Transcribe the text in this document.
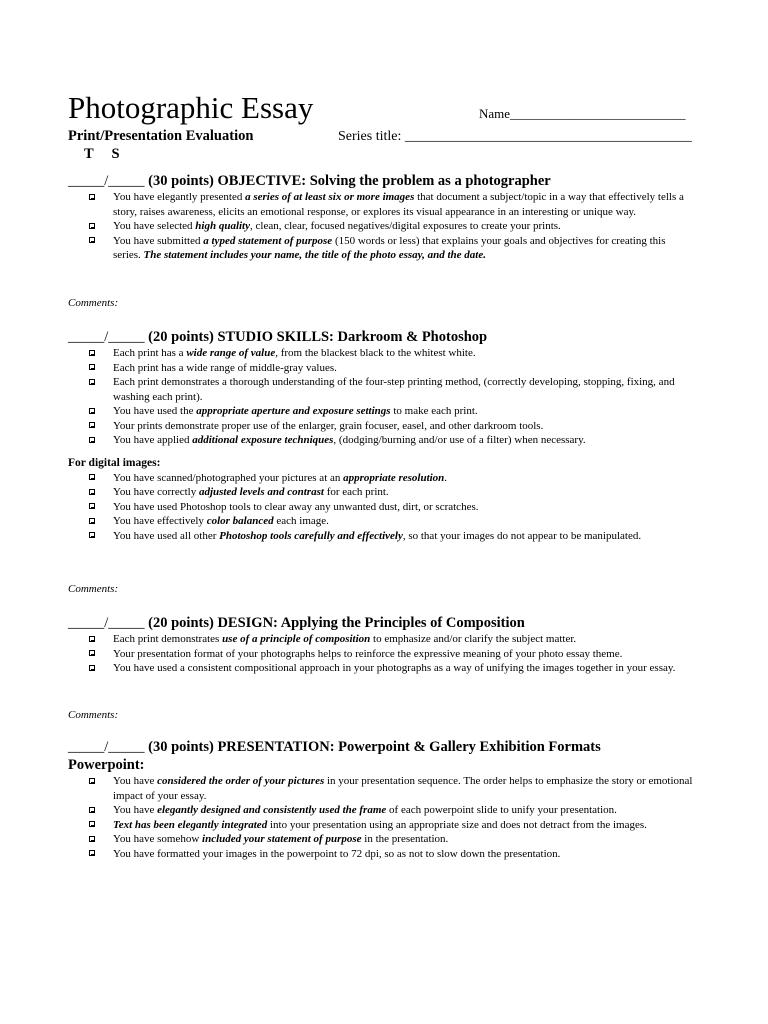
Photographic Essay	Name___________________________
Print/Presentation Evaluation	Series title: _________________________________________
T     S
_____/_____ (30 points) OBJECTIVE: Solving the problem as a photographer
You have elegantly presented a series of at least six or more images that document a subject/topic in a way that effectively tells a story, raises awareness, elicits an emotional response, or explores its visual appearance in an interesting or unique way.
You have selected high quality, clean, clear, focused negatives/digital exposures to create your prints.
You have submitted a typed statement of purpose (150 words or less) that explains your goals and objectives for creating this series. The statement includes your name, the title of the photo essay, and the date.
Comments:
_____/_____ (20 points) STUDIO SKILLS: Darkroom & Photoshop
Each print has a wide range of value, from the blackest black to the whitest white.
Each print has a wide range of middle-gray values.
Each print demonstrates a thorough understanding of the four-step printing method, (correctly developing, stopping, fixing, and washing each print).
You have used the appropriate aperture and exposure settings to make each print.
Your prints demonstrate proper use of the enlarger, grain focuser, easel, and other darkroom tools.
You have applied additional exposure techniques, (dodging/burning and/or use of a filter) when necessary.
For digital images:
You have scanned/photographed your pictures at an appropriate resolution.
You have correctly adjusted levels and contrast for each print.
You have used Photoshop tools to clear away any unwanted dust, dirt, or scratches.
You have effectively color balanced each image.
You have used all other Photoshop tools carefully and effectively, so that your images do not appear to be manipulated.
Comments:
_____/_____ (20 points) DESIGN: Applying the Principles of Composition
Each print demonstrates use of a principle of composition to emphasize and/or clarify the subject matter.
Your presentation format of your photographs helps to reinforce the expressive meaning of your photo essay theme.
You have used a consistent compositional approach in your photographs as a way of unifying the images together in your essay.
Comments:
_____/_____ (30 points) PRESENTATION: Powerpoint & Gallery Exhibition Formats
Powerpoint:
You have considered the order of your pictures in your presentation sequence. The order helps to emphasize the story or emotional impact of your essay.
You have elegantly designed and consistently used the frame of each powerpoint slide to unify your presentation.
Text has been elegantly integrated into your presentation using an appropriate size and does not detract from the images.
You have somehow included your statement of purpose in the presentation.
You have formatted your images in the powerpoint to 72 dpi, so as not to slow down the presentation.
